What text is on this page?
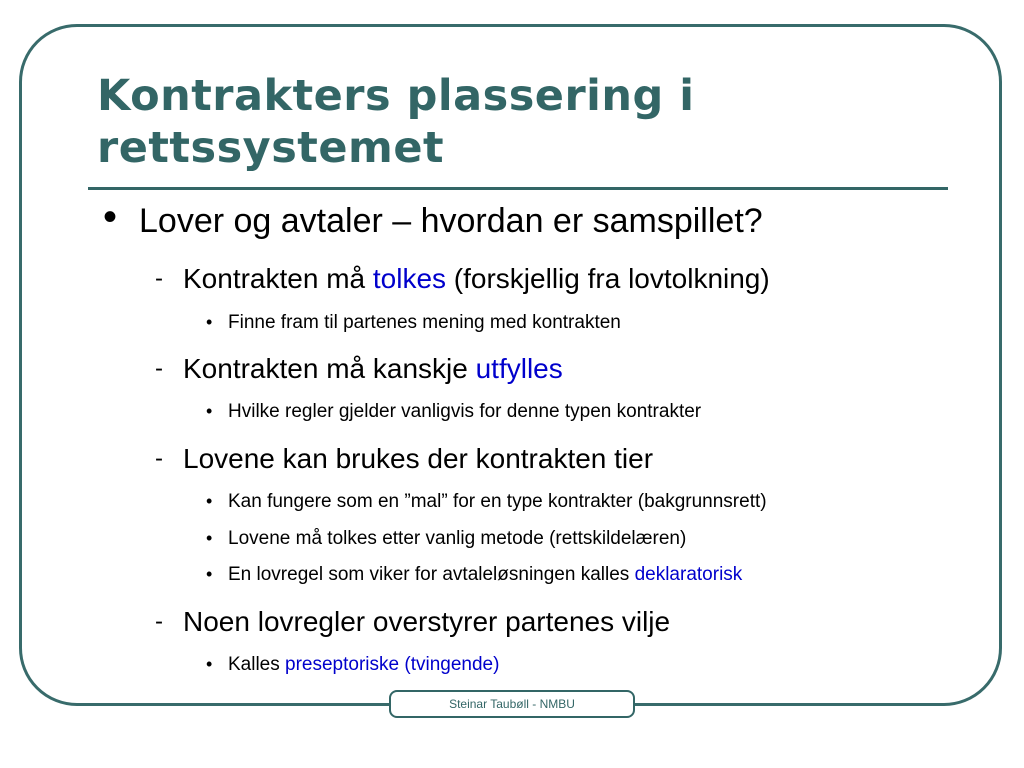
Kontrakters plassering i
rettssystemet
• Lover og avtaler – hvordan er samspillet?
- Kontrakten må tolkes (forskjellig fra lovtolkning)
• Finne fram til partenes mening med kontrakten
- Kontrakten må kanskje utfylles
• Hvilke regler gjelder vanligvis for denne typen kontrakter
- Lovene kan brukes der kontrakten tier
• Kan fungere som en ”mal” for en type kontrakter (bakgrunnsrett)
• Lovene må tolkes etter vanlig metode (rettskildelæren)
• En lovregel som viker for avtaleløsningen kalles deklaratorisk
- Noen lovregler overstyrer partenes vilje
• Kalles preseptoriske (tvingende)
Steinar Taubøll - NMBU
